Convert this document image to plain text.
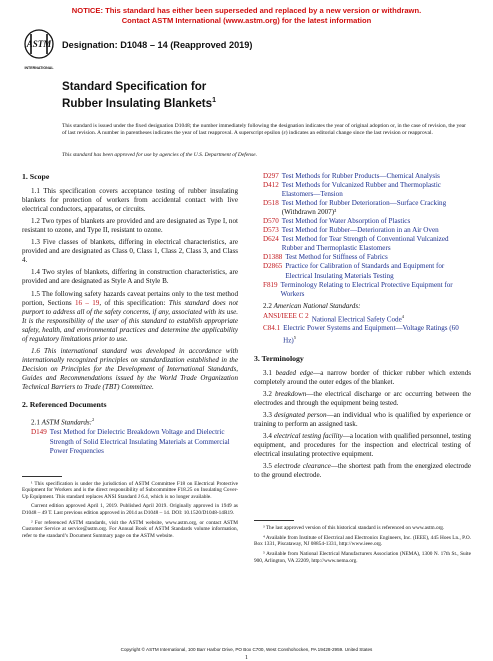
NOTICE: This standard has either been superseded and replaced by a new version or withdrawn.
Contact ASTM International (www.astm.org) for the latest information
ASTM
INTERNATIONAL
Designation: D1048 – 14 (Reapproved 2019)
Standard Specification for
Rubber Insulating Blankets$^1$
This standard is issued under the fixed designation D1048; the number immediately following the designation indicates the year of original adoption or, in the case of revision, the year of last revision. A number in parentheses indicates the year of last reapproval. A superscript epsilon (ε) indicates an editorial change since the last revision or reapproval.
This standard has been approved for use by agencies of the U.S. Department of Defense.
1. Scope

1.1 This specification covers acceptance testing of rubber insulating blankets for protection of workers from accidental contact with live electrical conductors, apparatus, or circuits.

1.2 Two types of blankets are provided and are designated as Type I, not resistant to ozone, and Type II, resistant to ozone.

1.3 Five classes of blankets, differing in electrical characteristics, are provided and are designated as Class 0, Class 1, Class 2, Class 3, and Class 4.

1.4 Two styles of blankets, differing in construction characteristics, are provided and are designated as Style A and Style B.

1.5 The following safety hazards caveat pertains only to the test method portion, Sections 16 – 19, of this specification: This standard does not purport to address all of the safety concerns, if any, associated with its use. It is the responsibility of the user of this standard to establish appropriate safety, health, and environmental practices and determine the applicability of regulatory limitations prior to use.

1.6 This international standard was developed in accordance with internationally recognized principles on standardization established in the Decision on Principles for the Development of International Standards, Guides and Recommendations issued by the World Trade Organization Technical Barriers to Trade (TBT) Committee.

2. Referenced Documents

2.1 ASTM Standards:$^2$

D149 Test Method for Dielectric Breakdown Voltage and Dielectric Strength of Solid Electrical Insulating Materials at Commercial Power Frequencies

¹ This specification is under the jurisdiction of ASTM Committee F18 on Electrical Protective Equipment for Workers and is the direct responsibility of Subcommittee F18.25 on Insulating Cover-Up Equipment. This standard replaces ANSI Standard J 6.4, which is no longer available.

Current edition approved April 1, 2019. Published April 2019. Originally approved in 1949 as D1048 – 49 T. Last previous edition approved in 2014 as D1048 – 14. DOI: 10.1520/D1048-14R19.

² For referenced ASTM standards, visit the ASTM website, www.astm.org, or contact ASTM Customer Service at service@astm.org. For Annual Book of ASTM Standards volume information, refer to the standard’s Document Summary page on the ASTM website.

D297 Test Methods for Rubber Products—Chemical Analysis
D412 Test Methods for Vulcanized Rubber and Thermoplastic Elastomers—Tension
D518 Test Method for Rubber Deterioration—Surface Cracking (Withdrawn 2007)³
D570 Test Method for Water Absorption of Plastics
D573 Test Method for Rubber—Deterioration in an Air Oven
D624 Test Method for Tear Strength of Conventional Vulcanized Rubber and Thermoplastic Elastomers
D1388 Test Method for Stiffness of Fabrics
D2865 Practice for Calibration of Standards and Equipment for Electrical Insulating Materials Testing
F819 Terminology Relating to Electrical Protective Equipment for Workers

2.2 American National Standards:

ANSI/IEEE C 2 National Electrical Safety Code$^4$
C84.1 Electric Power Systems and Equipment—Voltage Ratings (60 Hz)$^5$
3. Terminology

3.1 beaded edge—a narrow border of thicker rubber which extends completely around the outer edges of the blanket.

3.2 breakdown—the electrical discharge or arc occurring between the electrodes and through the equipment being tested.

3.3 designated person—an individual who is qualified by experience or training to perform an assigned task.

3.4 electrical testing facility—a location with qualified personnel, testing equipment, and procedures for the inspection and electrical testing of electrical insulating protective equipment.

3.5 electrode clearance—the shortest path from the energized electrode to the ground electrode.

³ The last approved version of this historical standard is referenced on www.astm.org.

⁴ Available from Institute of Electrical and Electronics Engineers, Inc. (IEEE), 445 Hoes Ln., P.O. Box 1331, Piscataway, NJ 08854-1331, http://www.ieee.org.

⁵ Available from National Electrical Manufacturers Association (NEMA), 1300 N. 17th St., Suite 900, Arlington, VA 22209, http://www.nema.org.

Copyright © ASTM International, 100 Barr Harbor Drive, PO Box C700, West Conshohocken, PA 19428-2959. United States
1
